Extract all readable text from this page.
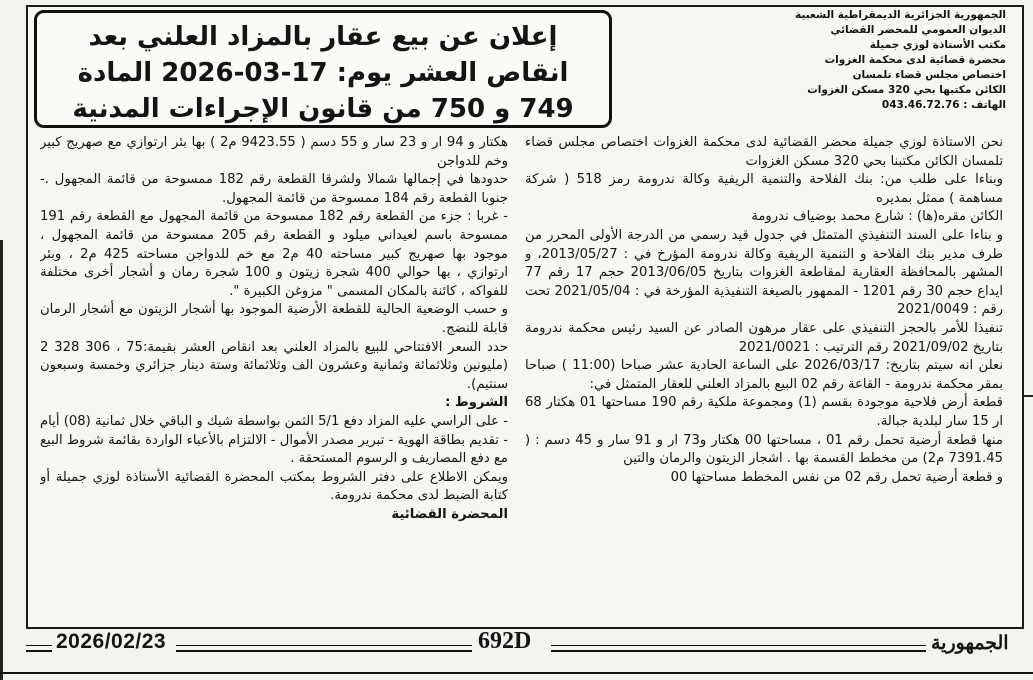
إعلان عن بيع عقار بالمزاد العلني بعد انقاص العشر يوم: 17-03-2026 المادة 749 و 750 من قانون الإجراءات المدنية
الجمهورية الجزائرية الديمقراطية الشعبية
الديوان العمومي للمحضر القضائي
مكتب الأستاذة لوزي جميلة
محضرة قضائية لدى محكمة الغزوات
اختصاص مجلس قضاء تلمسان
الكائن مكتبها بحي 320 مسكن الغزوات
الهاتف : 043.46.72.76

نحن الاستاذة لوزي جميلة محضر القضائية لدى محكمة الغزوات اختصاص مجلس قضاء تلمسان الكائن مكتبنا بحي 320 مسكن الغزوات

وبناءا على طلب من: بنك الفلاحة والتنمية الريفية وكالة ندرومة رمز 518 ( شركة مساهمة ) ممثل بمديره

الكائن مقره(ها) : شارع محمد بوضياف ندرومة

و بناءا على السند التنفيذي المتمثل في جدول قيد رسمي من الدرجة الأولى المحرر من طرف مدير بنك الفلاحة و التنمية الريفية وكالة ندرومة المؤرخ في : 2013/05/27، و المشهر بالمحافظة العقارية لمقاطعة الغزوات بتاريخ 2013/06/05 حجم 17 رقم 77 ايداع حجم 30 رقم 1201 - الممهور بالصيغة التنفيذية المؤرخة في : 2021/05/04 تحت رقم : 2021/0049

تنفيذا للأمر بالحجز التنفيذي على عقار مرهون الصادر عن السيد رئيس محكمة ندرومة بتاريخ 2021/09/02 رقم الترتيب : 2021/0021

نعلن انه سيتم بتاريخ: 2026/03/17 على الساعة الحادية عشر صباحا (11:00 ) صباحا بمقر محكمة ندرومة - القاعة رقم 02 البيع بالمزاد العلني للعقار المتمثل في:

قطعة أرض فلاحية موجودة بقسم (1) ومجموعة ملكية رقم 190 مساحتها 01 هكتار 68 ار 15 سار لبلدية جبالة.

منها قطعة أرضية تحمل رقم 01 ، مساحتها 00 هكتار و73 ار و 91 سار و 45 دسم : ( 7391.45 م2) من مخطط القسمة بها . اشجار الزيتون والرمان والتين

و قطعة أرضية تحمل رقم 02 من نفس المخطط مساحتها 00

هكتار و 94 ار و 23 سار و 55 دسم ( 9423.55 م2 ) بها بئر ارتوازي مع صهريج كبير وخم للدواجن

حدودها في إجمالها شمالا ولشرقا القطعة رقم 182 ممسوحة من قائمة المجهول .- جنوبا القطعة رقم 184 ممسوحة من قائمة المجهول.

- غربا : جزء من القطعة رقم 182 ممسوحة من قائمة المجهول مع القطعة رقم 191 ممسوحة باسم لعيداني ميلود و القطعة رقم 205 ممسوحة من قائمة المجهول ، موجود بها صهريج كبير مساحته 40 م2 مع خم للدواجن مساحته 425 م2 ، وبئر ارتوازي ، بها حوالي 400 شجرة زيتون و 100 شجرة رمان و أشجار أخرى مختلفة للفواكه ، كائنة بالمكان المسمى " مزوغن الكبيرة ".

و حسب الوضعية الحالية للقطعة الأرضية الموجود بها أشجار الزيتون مع أشجار الرمان قابلة للنضج.

حدد السعر الافتتاحي للبيع بالمزاد العلني بعد انقاص العشر بقيمة:75 ، 306 328 2 (مليونين وثلاثمائة وثمانية وعشرون الف وثلاثمائة وستة دينار جزائري وخمسة وسبعون سنتيم).

الشروط :

- على الراسي عليه المزاد دفع 5/1 الثمن بواسطة شيك و الباقي خلال ثمانية (08) أيام - تقديم بطاقة الهوية - تبرير مصدر الأموال - الالتزام بالأعباء الواردة بقائمة شروط البيع مع دفع المصاريف و الرسوم المستحقة .

ويمكن الاطلاع على دفتر الشروط بمكتب المحضرة القضائية الأستاذة لوزي جميلة أو كتابة الضبط لدى محكمة ندرومة.

المحضرة القضائية

2026/02/23	692D	الجمهورية
